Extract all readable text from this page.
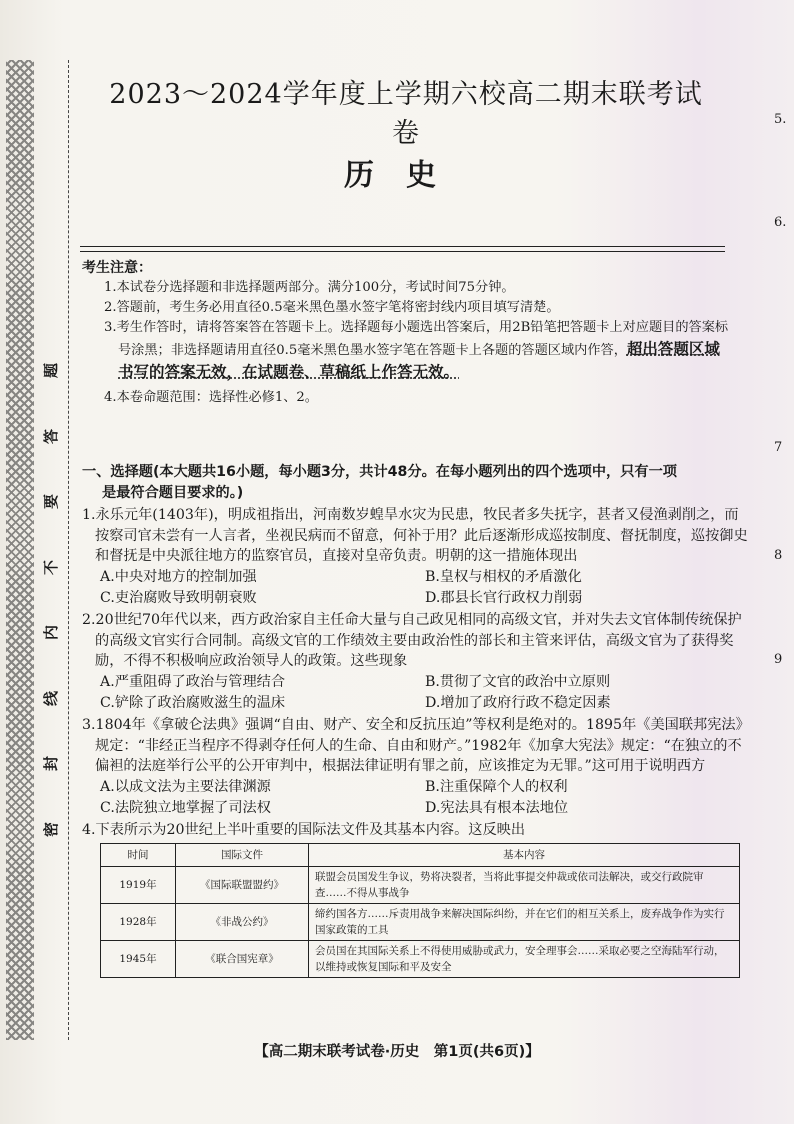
题
答
要
不
内
线
封
密
5.
6.
7
8
9
2023～2024学年度上学期六校高二期末联考试卷
历史
考生注意：

1.本试卷分选择题和非选择题两部分。满分100分，考试时间75分钟。

2.答题前，考生务必用直径0.5毫米黑色墨水签字笔将密封线内项目填写清楚。

3.考生作答时，请将答案答在答题卡上。选择题每小题选出答案后，用2B铅笔把答题卡上对应题目的答案标号涂黑；非选择题请用直径0.5毫米黑色墨水签字笔在答题卡上各题的答题区域内作答，超出答题区域书写的答案无效，在试题卷、草稿纸上作答无效。

4.本卷命题范围：选择性必修1、2。

一、选择题(本大题共16小题，每小题3分，共计48分。在每小题列出的四个选项中，只有一项
是最符合题目要求的。)

1.永乐元年(1403年)，明成祖指出，河南数岁蝗旱水灾为民患，牧民者多失抚字，甚者又侵渔剥削之，而按察司官未尝有一人言者，坐视民病而不留意，何补于用？此后逐渐形成巡按制度、督抚制度，巡按御史和督抚是中央派往地方的监察官员，直接对皇帝负责。明朝的这一措施体现出
A.中央对地方的控制加强	B.皇权与相权的矛盾激化
C.吏治腐败导致明朝衰败	D.郡县长官行政权力削弱
2.20世纪70年代以来，西方政治家自主任命大量与自己政见相同的高级文官，并对失去文官体制传统保护的高级文官实行合同制。高级文官的工作绩效主要由政治性的部长和主管来评估，高级文官为了获得奖励，不得不积极响应政治领导人的政策。这些现象
A.严重阻碍了政治与管理结合	B.贯彻了文官的政治中立原则
C.铲除了政治腐败滋生的温床	D.增加了政府行政不稳定因素
3.1804年《拿破仑法典》强调“自由、财产、安全和反抗压迫”等权利是绝对的。1895年《美国联邦宪法》规定：“非经正当程序不得剥夺任何人的生命、自由和财产。”1982年《加拿大宪法》规定：“在独立的不偏袒的法庭举行公平的公开审判中，根据法律证明有罪之前，应该推定为无罪。”这可用于说明西方
A.以成文法为主要法律渊源	B.注重保障个人的权利
C.法院独立地掌握了司法权	D.宪法具有根本法地位
4.下表所示为20世纪上半叶重要的国际法文件及其基本内容。这反映出
时间	国际文件	基本内容
1919年	《国际联盟盟约》	联盟会员国发生争议，势将决裂者，当将此事提交仲裁或依司法解决，或交行政院审查……不得从事战争
1928年	《非战公约》	缔约国各方……斥责用战争来解决国际纠纷，并在它们的相互关系上，废弃战争作为实行国家政策的工具
1945年	《联合国宪章》	会员国在其国际关系上不得使用威胁或武力，安全理事会……采取必要之空海陆军行动，以维持或恢复国际和平及安全
【高二期末联考试卷·历史　第1页(共6页)】
